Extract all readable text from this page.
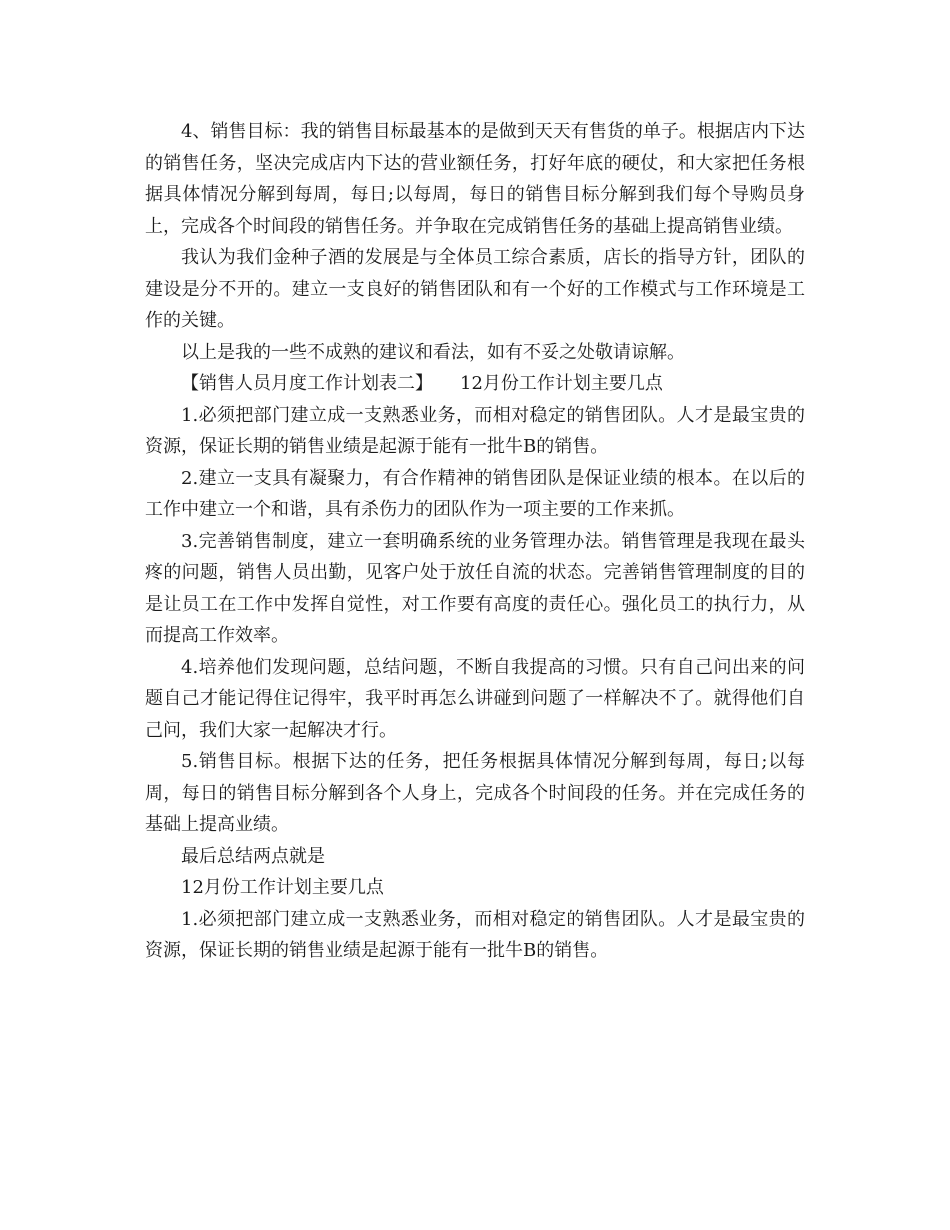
4、销售目标：我的销售目标最基本的是做到天天有售货的单子。根据店内下达的销售任务，坚决完成店内下达的营业额任务，打好年底的硬仗，和大家把任务根据具体情况分解到每周，每日;以每周，每日的销售目标分解到我们每个导购员身上，完成各个时间段的销售任务。并争取在完成销售任务的基础上提高销售业绩。

我认为我们金种子酒的发展是与全体员工综合素质，店长的指导方针，团队的建设是分不开的。建立一支良好的销售团队和有一个好的工作模式与工作环境是工作的关键。

以上是我的一些不成熟的建议和看法，如有不妥之处敬请谅解。

【销售人员月度工作计划表二】　　12月份工作计划主要几点

1.必须把部门建立成一支熟悉业务，而相对稳定的销售团队。人才是最宝贵的资源，保证长期的销售业绩是起源于能有一批牛B的销售。

2.建立一支具有凝聚力，有合作精神的销售团队是保证业绩的根本。在以后的工作中建立一个和谐，具有杀伤力的团队作为一项主要的工作来抓。

3.完善销售制度，建立一套明确系统的业务管理办法。销售管理是我现在最头疼的问题，销售人员出勤，见客户处于放任自流的状态。完善销售管理制度的目的是让员工在工作中发挥自觉性，对工作要有高度的责任心。强化员工的执行力，从而提高工作效率。

4.培养他们发现问题，总结问题，不断自我提高的习惯。只有自己问出来的问题自己才能记得住记得牢，我平时再怎么讲碰到问题了一样解决不了。就得他们自己问，我们大家一起解决才行。

5.销售目标。根据下达的任务，把任务根据具体情况分解到每周，每日;以每周，每日的销售目标分解到各个人身上，完成各个时间段的任务。并在完成任务的基础上提高业绩。

最后总结两点就是

12月份工作计划主要几点

1.必须把部门建立成一支熟悉业务，而相对稳定的销售团队。人才是最宝贵的资源，保证长期的销售业绩是起源于能有一批牛B的销售。
